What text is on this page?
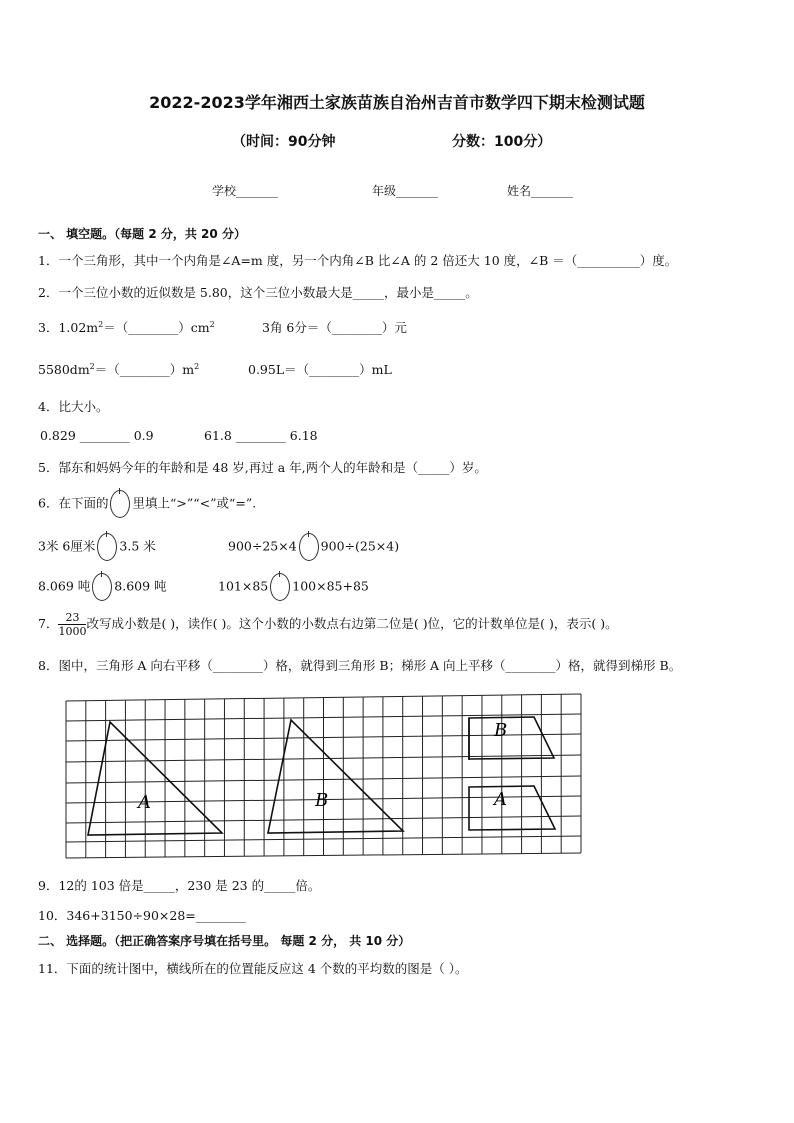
2022-2023学年湘西土家族苗族自治州吉首市数学四下期末检测试题
（时间：90分钟	分数：100分）
学校_______	年级_______	姓名_______
一、 填空题。（每题 2 分，共 20 分）
1．一个三角形，其中一个内角是∠A=m 度，另一个内角∠B 比∠A 的 2 倍还大 10 度，∠B ＝（__________）度。
2．一个三位小数的近似数是 5.80，这个三位小数最大是_____，最小是_____。
3．$1.02m^2=(\_\_\_\_\_\_\_\_)cm^2$	3角 6分＝（________）元
$5580dm^2=(\_\_\_\_\_\_\_\_)m^2$	0.95L＝（________）mL
4．比大小。
0.829 ________ 0.9	61.8 ________ 6.18
5．郜东和妈妈今年的年龄和是 48 岁,再过 a 年,两个人的年龄和是（_____）岁。
6．在下面的 里填上“>”“<”或“=”.
3米 6厘米 3.5 米	900÷25×4 900÷(25×4)
8.069 吨 8.609 吨	101×85 100×85+85
7． $\frac{23}{1000}$ 改写成小数是( )，读作( )。这个小数的小数点右边第二位是( )位，它的计数单位是( )，表示( )。
8．图中，三角形 A 向右平移（________）格，就得到三角形 B；梯形 A 向上平移（________）格，就得到梯形 B。
A	B
B
A
9．12的 103 倍是_____，230 是 23 的_____倍。
10．346+3150÷90×28=________
二、 选择题。（把正确答案序号填在括号里。 每题 2 分， 共 10 分）
11．下面的统计图中，横线所在的位置能反应这 4 个数的平均数的图是（ ）。
